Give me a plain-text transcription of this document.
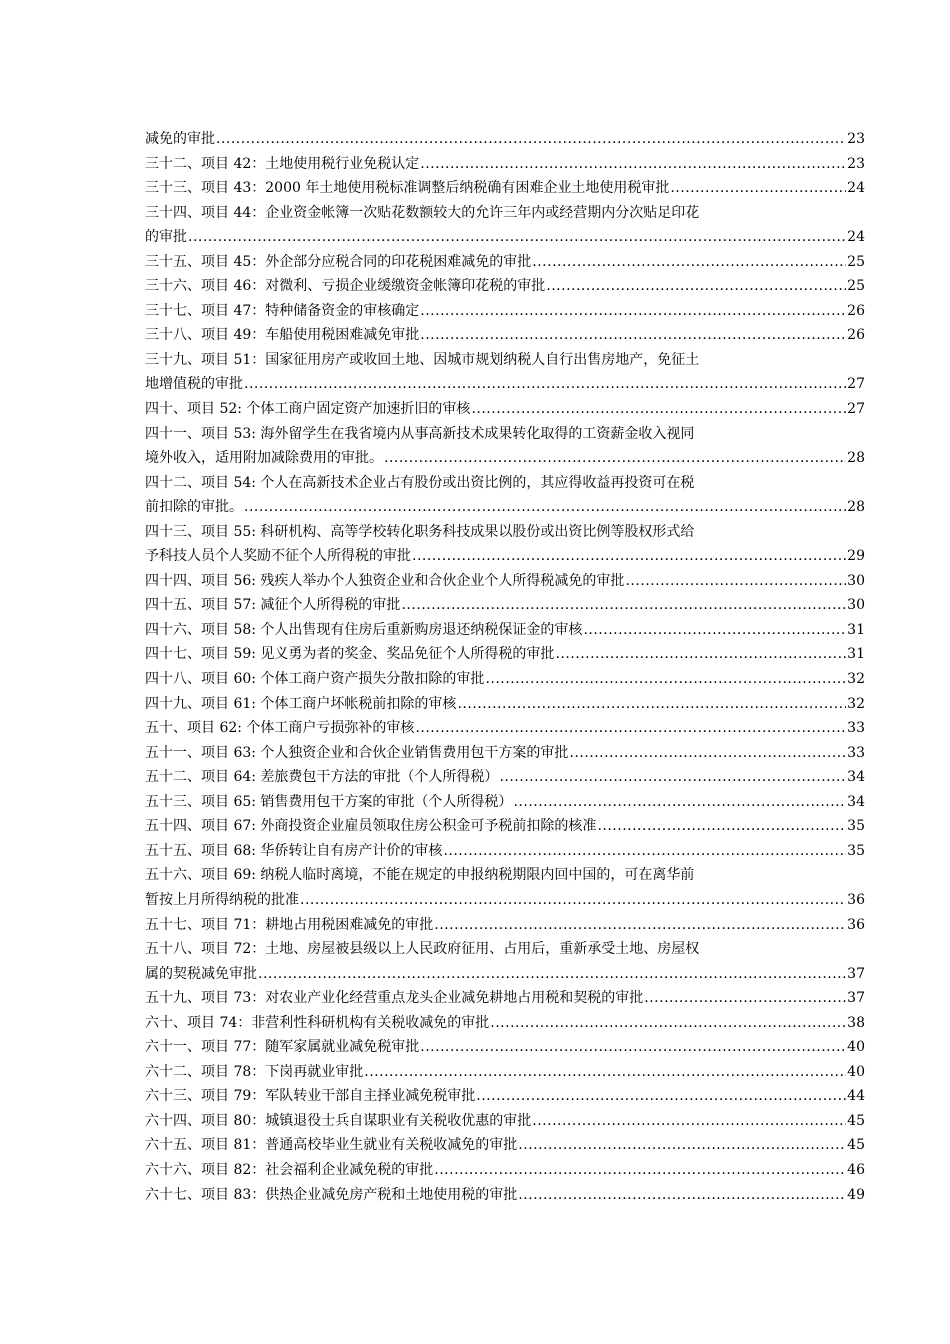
减免的审批 .....	23
三十二、项目 42：土地使用税行业免税认定 .....	23
三十三、项目 43：2000 年土地使用税标准调整后纳税确有困难企业土地使用税审批 .....	24
三十四、项目 44：企业资金帐簿一次贴花数额较大的允许三年内或经营期内分次贴足印花
的审批 .....	24
三十五、项目 45：外企部分应税合同的印花税困难减免的审批 .....	25
三十六、项目 46：对微利、亏损企业缓缴资金帐簿印花税的审批 .....	25
三十七、项目 47：特种储备资金的审核确定 .....	26
三十八、项目 49：车船使用税困难减免审批 .....	26
三十九、项目 51：国家征用房产或收回土地、因城市规划纳税人自行出售房地产，免征土
地增值税的审批 .....	27
四十、项目 52: 个体工商户固定资产加速折旧的审核 .....	27
四十一、项目 53: 海外留学生在我省境内从事高新技术成果转化取得的工资薪金收入视同
境外收入，适用附加减除费用的审批。 .....	28
四十二、项目 54: 个人在高新技术企业占有股份或出资比例的，其应得收益再投资可在税
前扣除的审批。 .....	28
四十三、项目 55: 科研机构、高等学校转化职务科技成果以股份或出资比例等股权形式给
予科技人员个人奖励不征个人所得税的审批 .....	29
四十四、项目 56: 残疾人举办个人独资企业和合伙企业个人所得税减免的审批 .....	30
四十五、项目 57: 减征个人所得税的审批 .....	30
四十六、项目 58: 个人出售现有住房后重新购房退还纳税保证金的审核 .....	31
四十七、项目 59: 见义勇为者的奖金、奖品免征个人所得税的审批 .....	31
四十八、项目 60: 个体工商户资产损失分散扣除的审批 .....	32
四十九、项目 61: 个体工商户坏帐税前扣除的审核 .....	32
五十、项目 62: 个体工商户亏损弥补的审核 .....	33
五十一、项目 63: 个人独资企业和合伙企业销售费用包干方案的审批 .....	33
五十二、项目 64: 差旅费包干方法的审批（个人所得税） .....	34
五十三、项目 65: 销售费用包干方案的审批（个人所得税） .....	34
五十四、项目 67: 外商投资企业雇员领取住房公积金可予税前扣除的核准 .....	35
五十五、项目 68: 华侨转让自有房产计价的审核 .....	35
五十六、项目 69: 纳税人临时离境，不能在规定的申报纳税期限内回中国的，可在离华前
暂按上月所得纳税的批准 .....	36
五十七、项目 71：耕地占用税困难减免的审批 .....	36
五十八、项目 72：土地、房屋被县级以上人民政府征用、占用后，重新承受土地、房屋权
属的契税减免审批 .....	37
五十九、项目 73：对农业产业化经营重点龙头企业减免耕地占用税和契税的审批 .....	37
六十、项目 74：非营利性科研机构有关税收减免的审批 .....	38
六十一、项目 77：随军家属就业减免税审批 .....	40
六十二、项目 78：下岗再就业审批 .....	40
六十三、项目 79：军队转业干部自主择业减免税审批 .....	44
六十四、项目 80：城镇退役士兵自谋职业有关税收优惠的审批 .....	45
六十五、项目 81：普通高校毕业生就业有关税收减免的审批 .....	45
六十六、项目 82：社会福利企业减免税的审批 .....	46
六十七、项目 83：供热企业减免房产税和土地使用税的审批 .....	49
